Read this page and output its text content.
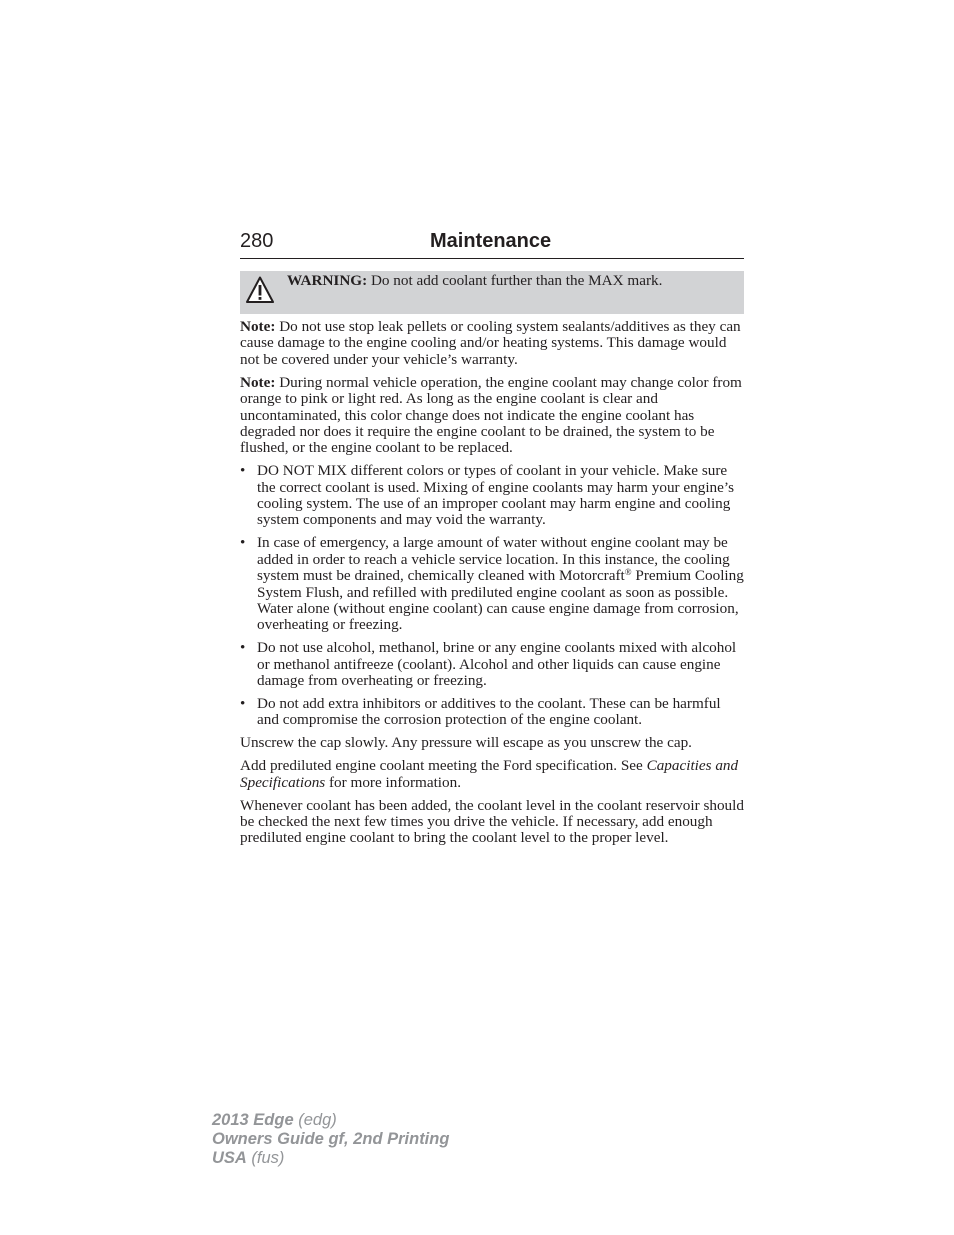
280	Maintenance
WARNING: Do not add coolant further than the MAX mark.

Note: Do not use stop leak pellets or cooling system sealants/additives as they can cause damage to the engine cooling and/or heating systems. This damage would not be covered under your vehicle’s warranty.

Note: During normal vehicle operation, the engine coolant may change color from orange to pink or light red. As long as the engine coolant is clear and uncontaminated, this color change does not indicate the engine coolant has degraded nor does it require the engine coolant to be drained, the system to be flushed, or the engine coolant to be replaced.

• DO NOT MIX different colors or types of coolant in your vehicle. Make sure the correct coolant is used. Mixing of engine coolants may harm your engine’s cooling system. The use of an improper coolant may harm engine and cooling system components and may void the warranty.
• In case of emergency, a large amount of water without engine coolant may be added in order to reach a vehicle service location. In this instance, the cooling system must be drained, chemically cleaned with Motorcraft® Premium Cooling System Flush, and refilled with prediluted engine coolant as soon as possible. Water alone (without engine coolant) can cause engine damage from corrosion, overheating or freezing.
• Do not use alcohol, methanol, brine or any engine coolants mixed with alcohol or methanol antifreeze (coolant). Alcohol and other liquids can cause engine damage from overheating or freezing.
• Do not add extra inhibitors or additives to the coolant. These can be harmful and compromise the corrosion protection of the engine coolant.

Unscrew the cap slowly. Any pressure will escape as you unscrew the cap.

Add prediluted engine coolant meeting the Ford specification. See Capacities and Specifications for more information.

Whenever coolant has been added, the coolant level in the coolant reservoir should be checked the next few times you drive the vehicle. If necessary, add enough prediluted engine coolant to bring the coolant level to the proper level.

2013 Edge (edg)
Owners Guide gf, 2nd Printing
USA (fus)
